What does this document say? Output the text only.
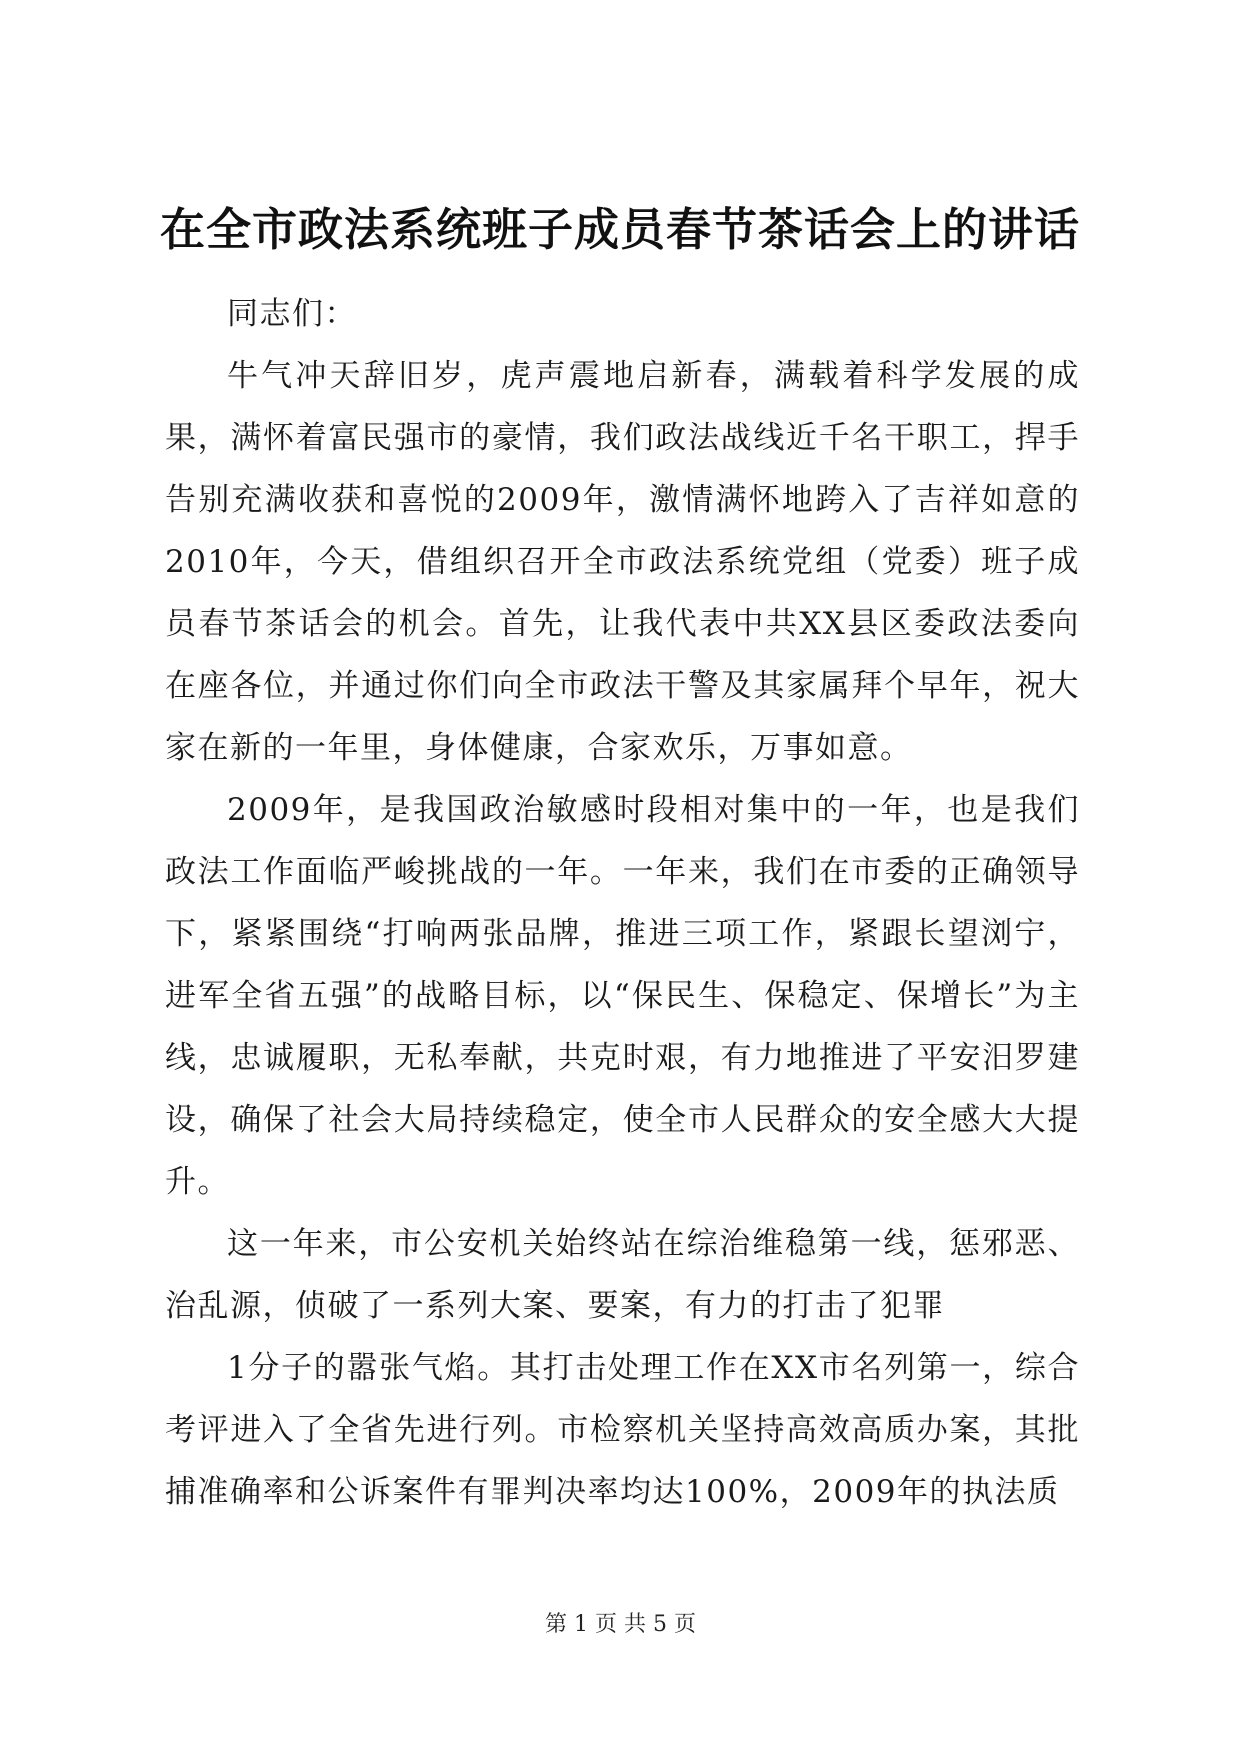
在全市政法系统班子成员春节茶话会上的讲话

同志们：

牛气冲天辞旧岁，虎声震地启新春，满载着科学发展的成果，满怀着富民强市的豪情，我们政法战线近千名干职工，捍手告别充满收获和喜悦的2009年，激情满怀地跨入了吉祥如意的2010年，今天，借组织召开全市政法系统党组（党委）班子成员春节茶话会的机会。首先，让我代表中共XX县区委政法委向在座各位，并通过你们向全市政法干警及其家属拜个早年，祝大家在新的一年里，身体健康，合家欢乐，万事如意。

2009年，是我国政治敏感时段相对集中的一年，也是我们政法工作面临严峻挑战的一年。一年来，我们在市委的正确领导下，紧紧围绕“打响两张品牌，推进三项工作，紧跟长望浏宁，进军全省五强”的战略目标，以“保民生、保稳定、保增长”为主线，忠诚履职，无私奉献，共克时艰，有力地推进了平安汨罗建设，确保了社会大局持续稳定，使全市人民群众的安全感大大提升。

这一年来，市公安机关始终站在综治维稳第一线，惩邪恶、治乱源，侦破了一系列大案、要案，有力的打击了犯罪

1分子的嚣张气焰。其打击处理工作在XX市名列第一，综合考评进入了全省先进行列。市检察机关坚持高效高质办案，其批捕准确率和公诉案件有罪判决率均达100%，2009年的执法质

第 1 页 共 5 页
